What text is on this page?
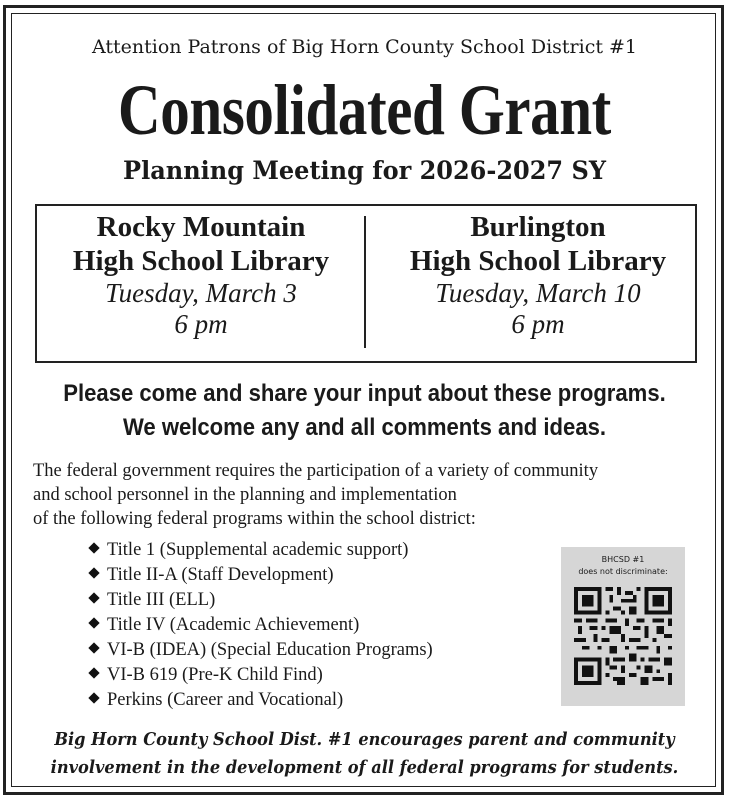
Attention Patrons of Big Horn County School District #1
Consolidated Grant
Planning Meeting for 2026-2027 SY
Rocky Mountain
High School Library
Tuesday, March 3
6 pm
Burlington
High School Library
Tuesday, March 10
6 pm
Please come and share your input about these programs.
We welcome any and all comments and ideas.
The federal government requires the participation of a variety of community
and school personnel in the planning and implementation
of the following federal programs within the school district:
Title 1 (Supplemental academic support)
Title II-A (Staff Development)
Title III (ELL)
Title IV (Academic Achievement)
VI-B (IDEA) (Special Education Programs)
VI-B 619 (Pre-K Child Find)
Perkins (Career and Vocational)
BHCSD #1
does not discriminate:
Big Horn County School Dist. #1 encourages parent and community
involvement in the development of all federal programs for students.
